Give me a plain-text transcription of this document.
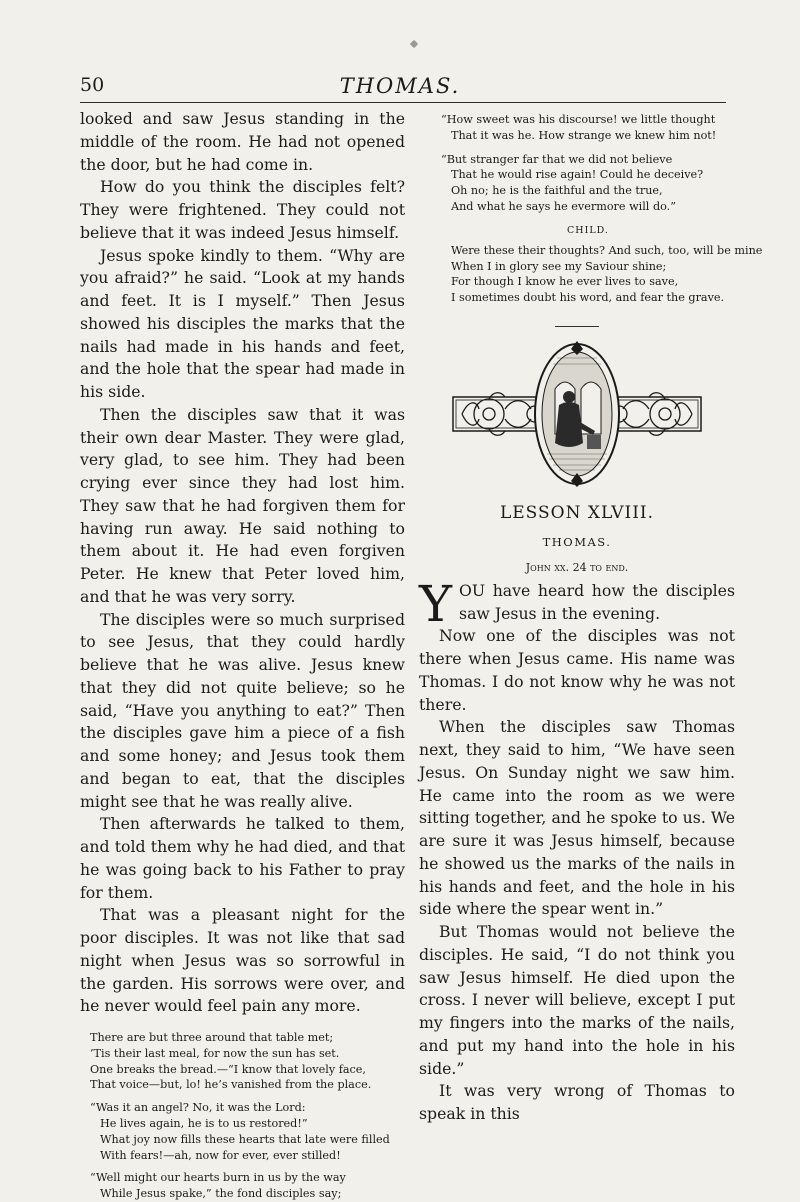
50	THOMAS.

looked and saw Jesus standing in the middle of the room. He had not opened the door, but he had come in.

How do you think the disciples felt? They were frightened. They could not believe that it was indeed Jesus himself.

Jesus spoke kindly to them. “Why are you afraid?” he said. “Look at my hands and feet. It is I myself.” Then Jesus showed his disciples the marks that the nails had made in his hands and feet, and the hole that the spear had made in his side.

Then the disciples saw that it was their own dear Master. They were glad, very glad, to see him. They had been crying ever since they had lost him. They saw that he had forgiven them for having run away. He said nothing to them about it. He had even forgiven Peter. He knew that Peter loved him, and that he was very sorry.

The disciples were so much surprised to see Jesus, that they could hardly believe that he was alive. Jesus knew that they did not quite believe; so he said, “Have you anything to eat?” Then the disciples gave him a piece of a fish and some honey; and Jesus took them and began to eat, that the disciples might see that he was really alive.

Then afterwards he talked to them, and told them why he had died, and that he was going back to his Father to pray for them.

That was a pleasant night for the poor disciples. It was not like that sad night when Jesus was so sorrowful in the garden. His sorrows were over, and he never would feel pain any more.

There are but three around that table met;
’Tis their last meal, for now the sun has set.
One breaks the bread.—“I know that lovely face,
That voice—but, lo! he’s vanished from the place.
“Was it an angel? No, it was the Lord:
He lives again, he is to us restored!”
What joy now fills these hearts that late were filled
With fears!—ah, now for ever, ever stilled!
“Well might our hearts burn in us by the way
While Jesus spake,” the fond disciples say;
“How sweet was his discourse! we little thought
That it was he. How strange we knew him not!
“But stranger far that we did not believe
That he would rise again! Could he deceive?
Oh no; he is the faithful and the true,
And what he says he evermore will do.”
CHILD.
Were these their thoughts? And such, too, will be mine
When I in glory see my Saviour shine;
For though I know he ever lives to save,
I sometimes doubt his word, and fear the grave.
LESSON XLVIII.
THOMAS.
John xx. 24 to end.

YOU have heard how the disciples saw Jesus in the evening.

Now one of the disciples was not there when Jesus came. His name was Thomas. I do not know why he was not there.

When the disciples saw Thomas next, they said to him, “We have seen Jesus. On Sunday night we saw him. He came into the room as we were sitting together, and he spoke to us. We are sure it was Jesus himself, because he showed us the marks of the nails in his hands and feet, and the hole in his side where the spear went in.”

But Thomas would not believe the disciples. He said, “I do not think you saw Jesus himself. He died upon the cross. I never will believe, except I put my fingers into the marks of the nails, and put my hand into the hole in his side.”

It was very wrong of Thomas to speak in this
